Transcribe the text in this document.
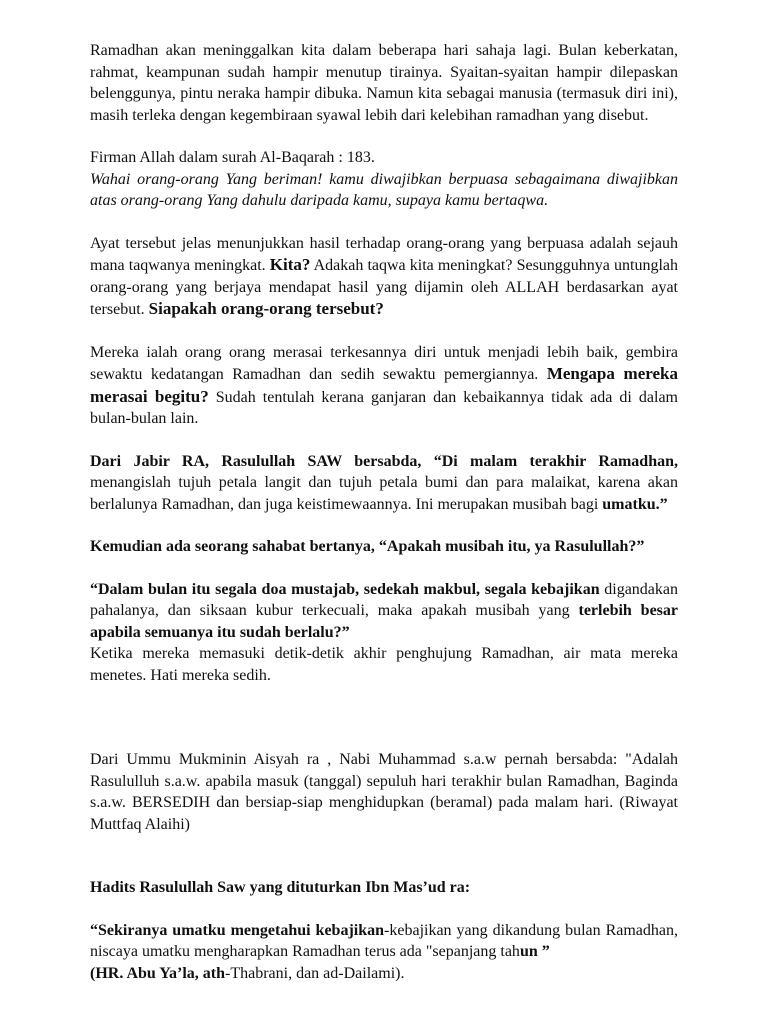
Ramadhan akan meninggalkan kita dalam beberapa hari sahaja lagi. Bulan keberkatan, rahmat, keampunan sudah hampir menutup tirainya. Syaitan-syaitan hampir dilepaskan belenggunya, pintu neraka hampir dibuka. Namun kita sebagai manusia (termasuk diri ini), masih terleka dengan kegembiraan syawal lebih dari kelebihan ramadhan yang disebut.

Firman Allah dalam surah Al-Baqarah : 183.
Wahai orang-orang Yang beriman! kamu diwajibkan berpuasa sebagaimana diwajibkan atas orang-orang Yang dahulu daripada kamu, supaya kamu bertaqwa.

Ayat tersebut jelas menunjukkan hasil terhadap orang-orang yang berpuasa adalah sejauh mana taqwanya meningkat. Kita? Adakah taqwa kita meningkat? Sesungguhnya untunglah orang-orang yang berjaya mendapat hasil yang dijamin oleh ALLAH berdasarkan ayat tersebut. Siapakah orang-orang tersebut?

Mereka ialah orang orang merasai terkesannya diri untuk menjadi lebih baik, gembira sewaktu kedatangan Ramadhan dan sedih sewaktu pemergiannya. Mengapa mereka merasai begitu? Sudah tentulah kerana ganjaran dan kebaikannya tidak ada di dalam bulan-bulan lain.

Dari Jabir RA, Rasulullah SAW bersabda, “Di malam terakhir Ramadhan, menangislah tujuh petala langit dan tujuh petala bumi dan para malaikat, karena akan berlalunya Ramadhan, dan juga keistimewaannya. Ini merupakan musibah bagi umatku.”

Kemudian ada seorang sahabat bertanya, “Apakah musibah itu, ya Rasulullah?”

“Dalam bulan itu segala doa mustajab, sedekah makbul, segala kebajikan digandakan pahalanya, dan siksaan kubur terkecuali, maka apakah musibah yang terlebih besar apabila semuanya itu sudah berlalu?”
Ketika mereka memasuki detik-detik akhir penghujung Ramadhan, air mata mereka menetes. Hati mereka sedih.

Dari Ummu Mukminin Aisyah ra , Nabi Muhammad s.a.w pernah bersabda: "Adalah Rasululluh s.a.w. apabila masuk (tanggal) sepuluh hari terakhir bulan Ramadhan, Baginda s.a.w. BERSEDIH dan bersiap-siap menghidupkan (beramal) pada malam hari. (Riwayat Muttfaq Alaihi)

Hadits Rasulullah Saw yang dituturkan Ibn Mas’ud ra:

“Sekiranya umatku mengetahui kebajikan-kebajikan yang dikandung bulan Ramadhan, niscaya umatku mengharapkan Ramadhan terus ada "sepanjang tahun ”
(HR. Abu Ya’la, ath-Thabrani, dan ad-Dailami).
